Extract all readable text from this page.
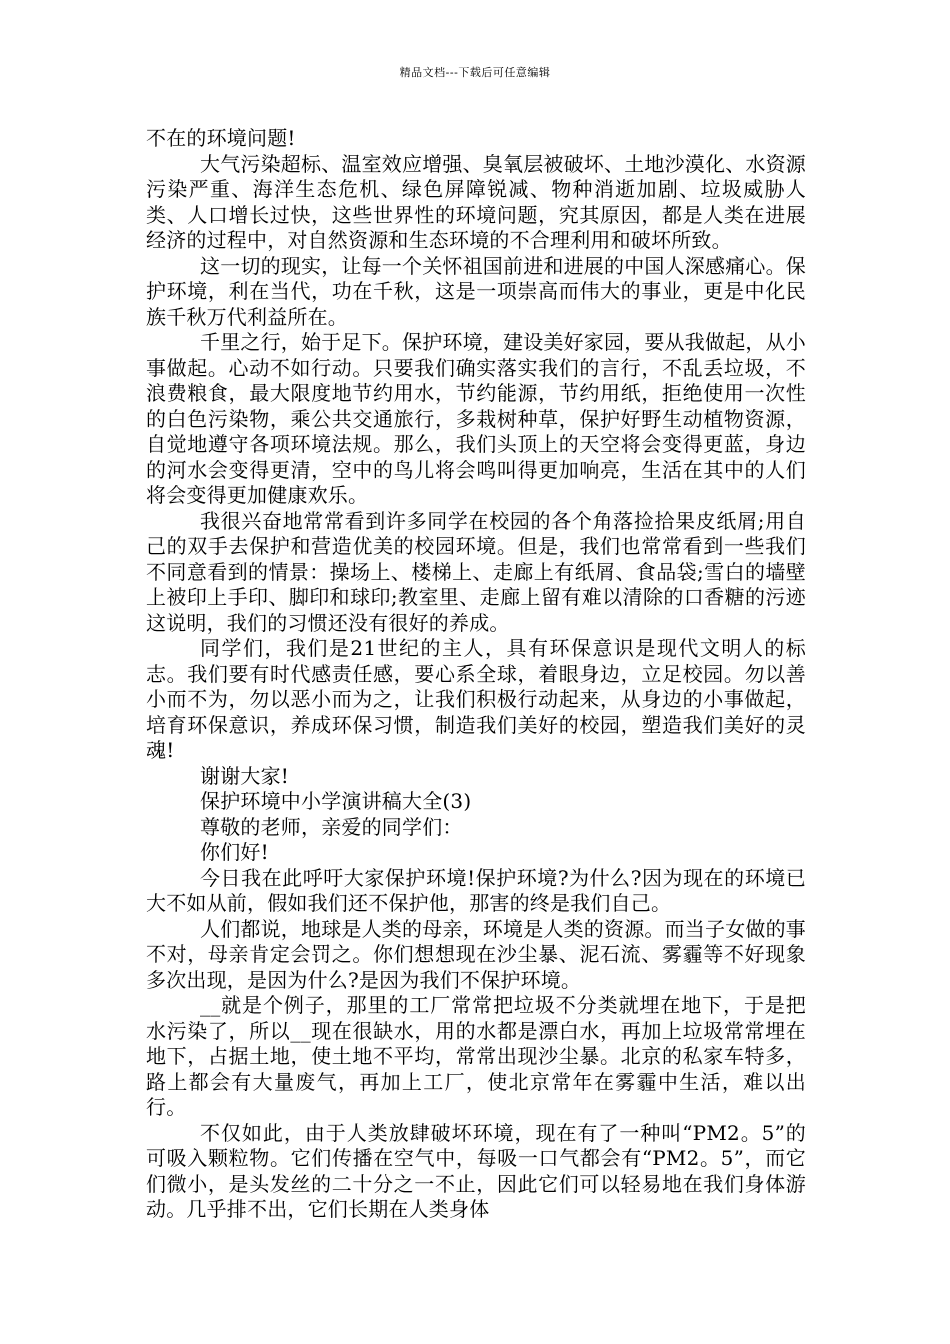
精品文档---下载后可任意编辑

不在的环境问题!

大气污染超标、温室效应增强、臭氧层被破坏、土地沙漠化、水资源污染严重、海洋生态危机、绿色屏障锐减、物种消逝加剧、垃圾威胁人类、人口增长过快，这些世界性的环境问题，究其原因，都是人类在进展经济的过程中，对自然资源和生态环境的不合理利用和破坏所致。

这一切的现实，让每一个关怀祖国前进和进展的中国人深感痛心。保护环境，利在当代，功在千秋，这是一项崇高而伟大的事业，更是中化民族千秋万代利益所在。

千里之行，始于足下。保护环境，建设美好家园，要从我做起，从小事做起。心动不如行动。只要我们确实落实我们的言行，不乱丢垃圾，不浪费粮食，最大限度地节约用水，节约能源，节约用纸，拒绝使用一次性的白色污染物，乘公共交通旅行，多栽树种草，保护好野生动植物资源，自觉地遵守各项环境法规。那么，我们头顶上的天空将会变得更蓝，身边的河水会变得更清，空中的鸟儿将会鸣叫得更加响亮，生活在其中的人们将会变得更加健康欢乐。

我很兴奋地常常看到许多同学在校园的各个角落捡拾果皮纸屑;用自己的双手去保护和营造优美的校园环境。但是，我们也常常看到一些我们不同意看到的情景：操场上、楼梯上、走廊上有纸屑、食品袋;雪白的墙壁上被印上手印、脚印和球印;教室里、走廊上留有难以清除的口香糖的污迹这说明，我们的习惯还没有很好的养成。

同学们，我们是21世纪的主人，具有环保意识是现代文明人的标志。我们要有时代感责任感，要心系全球，着眼身边，立足校园。勿以善小而不为，勿以恶小而为之，让我们积极行动起来，从身边的小事做起，培育环保意识，养成环保习惯，制造我们美好的校园，塑造我们美好的灵魂!

谢谢大家!

保护环境中小学演讲稿大全(3)

尊敬的老师，亲爱的同学们：

你们好!

今日我在此呼吁大家保护环境!保护环境?为什么?因为现在的环境已大不如从前，假如我们还不保护他，那害的终是我们自己。

人们都说，地球是人类的母亲，环境是人类的资源。而当子女做的事不对，母亲肯定会罚之。你们想想现在沙尘暴、泥石流、雾霾等不好现象多次出现，是因为什么?是因为我们不保护环境。

__就是个例子，那里的工厂常常把垃圾不分类就埋在地下，于是把水污染了，所以__现在很缺水，用的水都是漂白水，再加上垃圾常常埋在地下，占据土地，使土地不平均，常常出现沙尘暴。北京的私家车特多，路上都会有大量废气，再加上工厂，使北京常年在雾霾中生活，难以出行。

不仅如此，由于人类放肆破坏环境，现在有了一种叫“PM2。5”的可吸入颗粒物。它们传播在空气中，每吸一口气都会有“PM2。5”，而它们微小，是头发丝的二十分之一不止，因此它们可以轻易地在我们身体游动。几乎排不出，它们长期在人类身体
